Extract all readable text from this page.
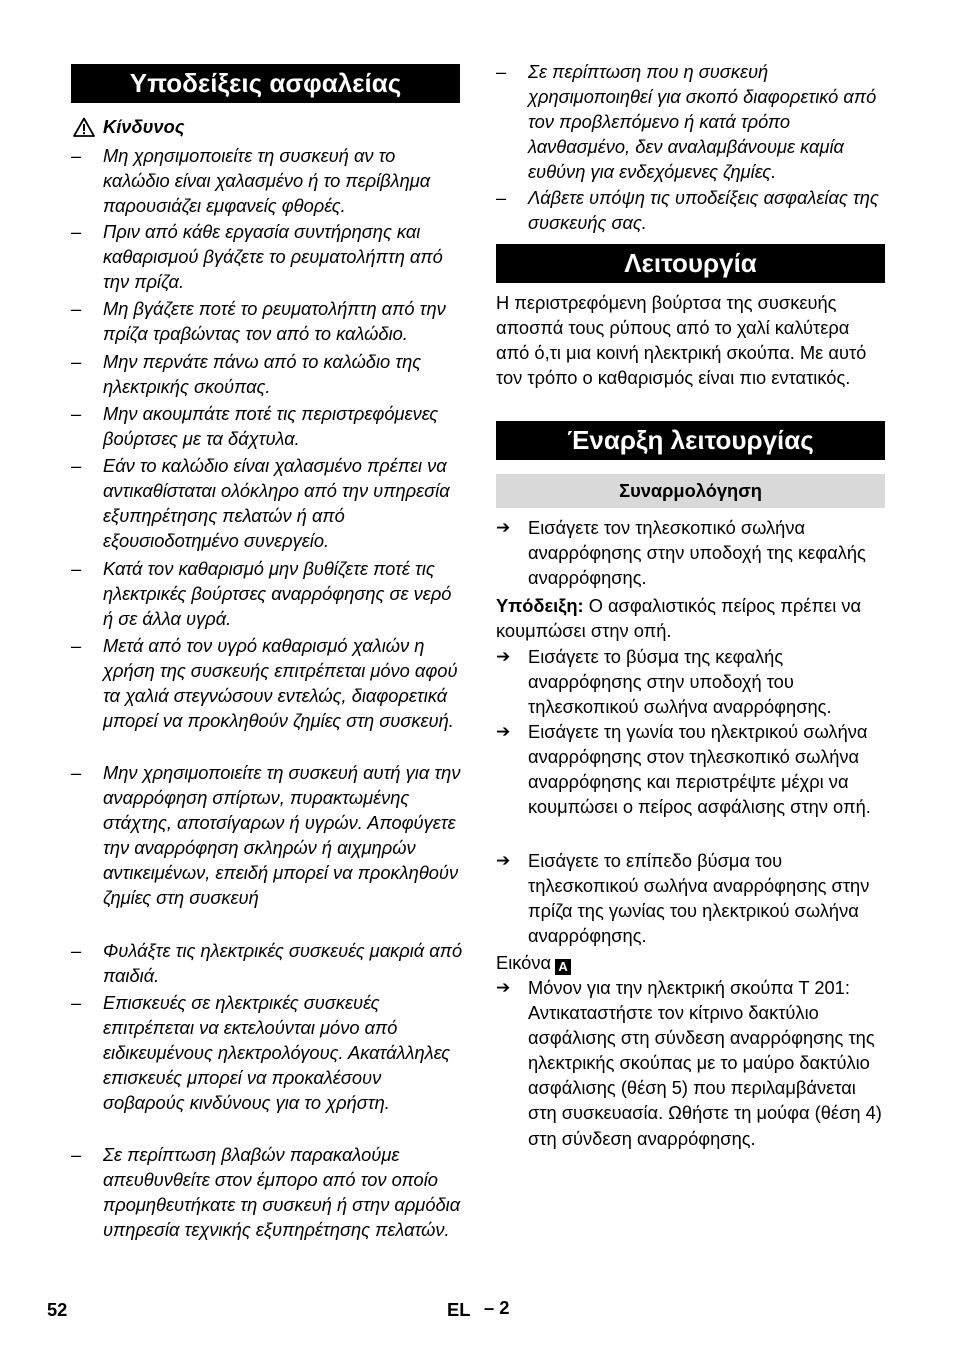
Υποδείξεις ασφαλείας
Κίνδυνος
–	Μη χρησιμοποιείτε τη συσκευή αν το καλώδιο είναι χαλασμένο ή το περίβλημα παρουσιάζει εμφανείς φθορές.
–	Πριν από κάθε εργασία συντήρησης και καθαρισμού βγάζετε το ρευματολήπτη από την πρίζα.
–	Μη βγάζετε ποτέ το ρευματολήπτη από την πρίζα τραβώντας τον από το καλώδιο.
–	Μην περνάτε πάνω από το καλώδιο της ηλεκτρικής σκούπας.
–	Μην ακουμπάτε ποτέ τις περιστρεφόμενες βούρτσες με τα δάχτυλα.
–	Εάν το καλώδιο είναι χαλασμένο πρέπει να αντικαθίσταται ολόκληρο από την υπηρεσία εξυπηρέτησης πελατών ή από εξουσιοδοτημένο συνεργείο.
–	Κατά τον καθαρισμό μην βυθίζετε ποτέ τις ηλεκτρικές βούρτσες αναρρόφησης σε νερό ή σε άλλα υγρά.
–	Μετά από τον υγρό καθαρισμό χαλιών η χρήση της συσκευής επιτρέπεται μόνο αφού τα χαλιά στεγνώσουν εντελώς, διαφορετικά μπορεί να προκληθούν ζημίες στη συσκευή.
–	Μην χρησιμοποιείτε τη συσκευή αυτή για την αναρρόφηση σπίρτων, πυρακτωμένης στάχτης, αποτσίγαρων ή υγρών. Αποφύγετε την αναρρόφηση σκληρών ή αιχμηρών αντικειμένων, επειδή μπορεί να προκληθούν ζημίες στη συσκευή
–	Φυλάξτε τις ηλεκτρικές συσκευές μακριά από παιδιά.
–	Επισκευές σε ηλεκτρικές συσκευές επιτρέπεται να εκτελούνται μόνο από ειδικευμένους ηλεκτρολόγους. Ακατάλληλες επισκευές μπορεί να προκαλέσουν σοβαρούς κινδύνους για το χρήστη.
–	Σε περίπτωση βλαβών παρακαλούμε απευθυνθείτε στον έμπορο από τον οποίο προμηθευτήκατε τη συσκευή ή στην αρμόδια υπηρεσία τεχνικής εξυπηρέτησης πελατών.
–	Σε περίπτωση που η συσκευή χρησιμοποιηθεί για σκοπό διαφορετικό από τον προβλεπόμενο ή κατά τρόπο λανθασμένο, δεν αναλαμβάνουμε καμία ευθύνη για ενδεχόμενες ζημίες.
–	Λάβετε υπόψη τις υποδείξεις ασφαλείας της συσκευής σας.
Λειτουργία
Η περιστρεφόμενη βούρτσα της συσκευής αποσπά τους ρύπους από το χαλί καλύτερα από ό,τι μια κοινή ηλεκτρική σκούπα. Με αυτό τον τρόπο ο καθαρισμός είναι πιο εντατικός.
Έναρξη λειτουργίας
Συναρμολόγηση
➔ Εισάγετε τον τηλεσκοπικό σωλήνα αναρρόφησης στην υποδοχή της κεφαλής αναρρόφησης.
Υπόδειξη: Ο ασφαλιστικός πείρος πρέπει να κουμπώσει στην οπή.
➔ Εισάγετε το βύσμα της κεφαλής αναρρόφησης στην υποδοχή του τηλεσκοπικού σωλήνα αναρρόφησης.
➔ Εισάγετε τη γωνία του ηλεκτρικού σωλήνα αναρρόφησης στον τηλεσκοπικό σωλήνα αναρρόφησης και περιστρέψτε μέχρι να κουμπώσει ο πείρος ασφάλισης στην οπή.
➔ Εισάγετε το επίπεδο βύσμα του τηλεσκοπικού σωλήνα αναρρόφησης στην πρίζα της γωνίας του ηλεκτρικού σωλήνα αναρρόφησης.
Εικόνα A
➔ Μόνον για την ηλεκτρική σκούπα T 201: Αντικαταστήστε τον κίτρινο δακτύλιο ασφάλισης στη σύνδεση αναρρόφησης της ηλεκτρικής σκούπας με το μαύρο δακτύλιο ασφάλισης (θέση 5) που περιλαμβάνεται στη συσκευασία. Ωθήστε τη μούφα (θέση 4) στη σύνδεση αναρρόφησης.
52	EL – 2
